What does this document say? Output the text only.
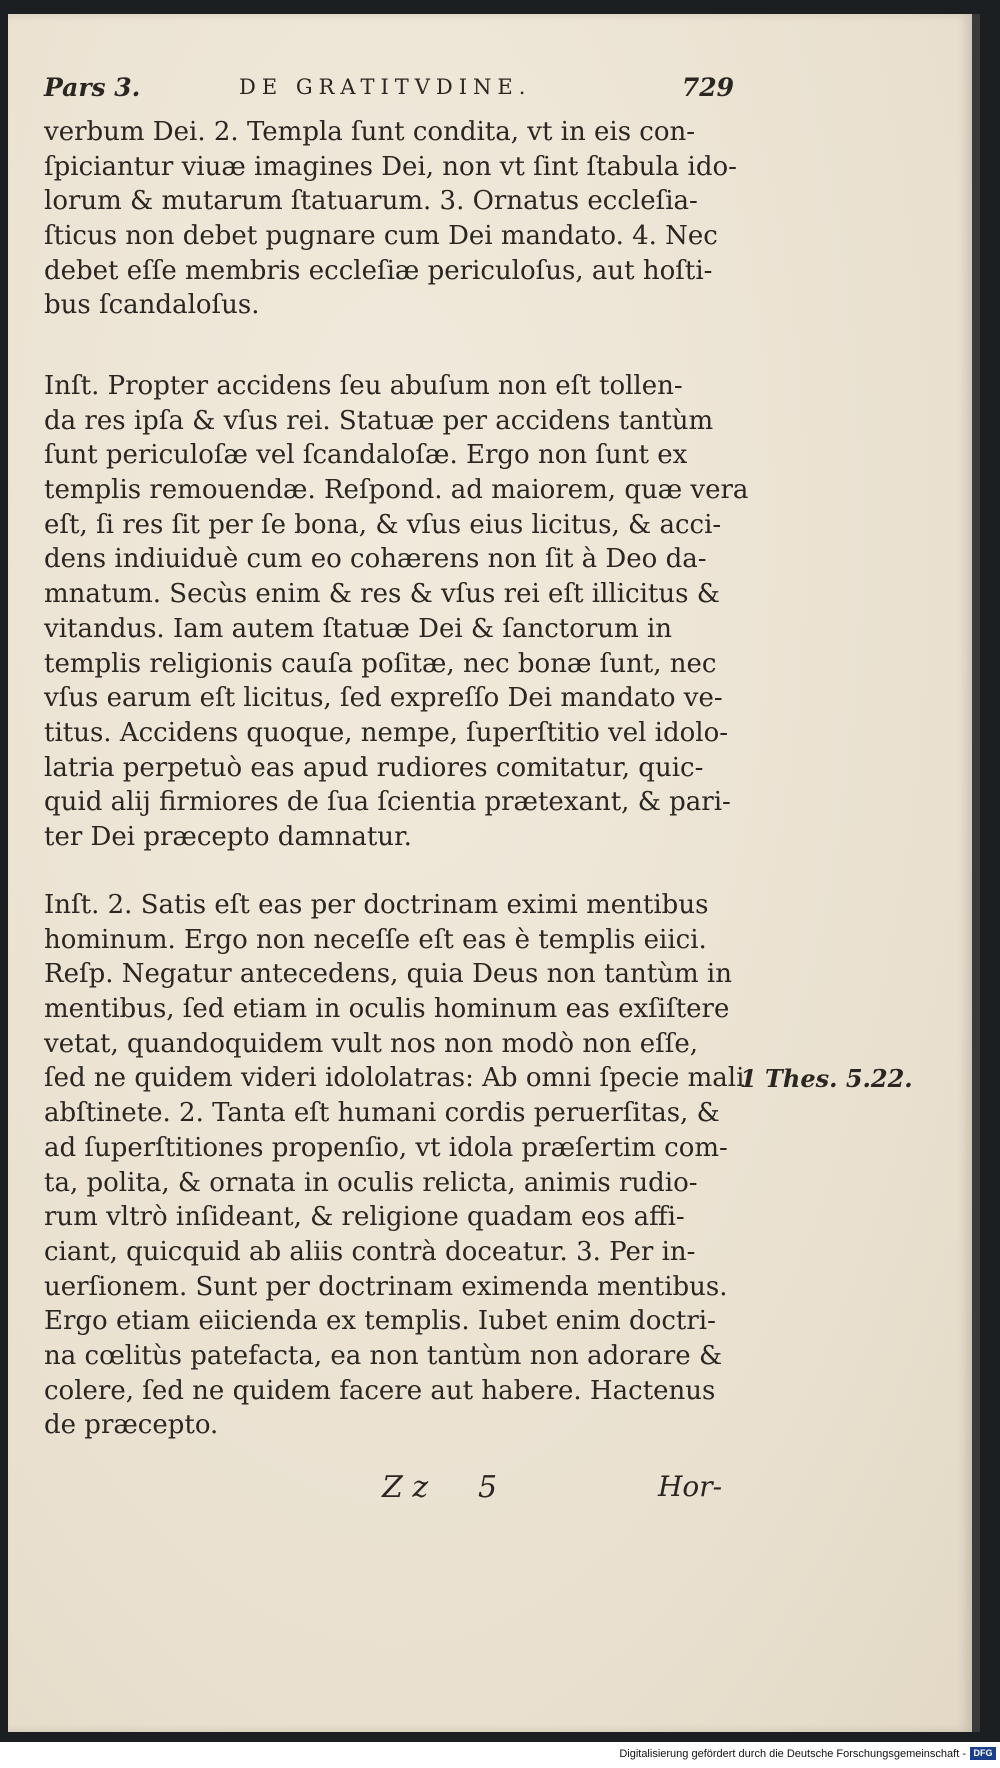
Pars 3.	DE GRATITVDINE.	729
verbum Dei. 2. Templa ſunt condita, vt in eis con-
ſpiciantur viuæ imagines Dei, non vt ſint ſtabula ido-
lorum & mutarum ſtatuarum. 3. Ornatus eccleſia-
ſticus non debet pugnare cum Dei mandato. 4. Nec
debet eſſe membris eccleſiæ periculoſus, aut hoſti-
bus ſcandaloſus.
Inſt. Propter accidens ſeu abuſum non eſt tollen-
da res ipſa & vſus rei. Statuæ per accidens tantùm
ſunt periculoſæ vel ſcandaloſæ. Ergo non ſunt ex
templis remouendæ. Reſpond. ad maiorem, quæ vera
eſt, ſi res ſit per ſe bona, & vſus eius licitus, & acci-
dens indiuiduè cum eo cohærens non ſit à Deo da-
mnatum. Secùs enim & res & vſus rei eſt illicitus &
vitandus. Iam autem ſtatuæ Dei & ſanctorum in
templis religionis cauſa poſitæ, nec bonæ ſunt, nec
vſus earum eſt licitus, ſed expreſſo Dei mandato ve-
titus. Accidens quoque, nempe, ſuperſtitio vel idolo-
latria perpetuò eas apud rudiores comitatur, quic-
quid alij firmiores de ſua ſcientia prætexant, & pari-
ter Dei præcepto damnatur.
Inſt. 2. Satis eſt eas per doctrinam eximi mentibus
hominum. Ergo non neceſſe eſt eas è templis eiici.
Reſp. Negatur antecedens, quia Deus non tantùm in
mentibus, ſed etiam in oculis hominum eas exſiſtere
vetat, quandoquidem vult nos non modò non eſſe,
ſed ne quidem videri idololatras: Ab omni ſpecie mali
abſtinete. 2. Tanta eſt humani cordis peruerſitas, &
ad ſuperſtitiones propenſio, vt idola præſertim com-
ta, polita, & ornata in oculis relicta, animis rudio-
rum vltrò inſideant, & religione quadam eos affi-
ciant, quicquid ab aliis contrà doceatur. 3. Per in-
uerſionem. Sunt per doctrinam eximenda mentibus.
Ergo etiam eiicienda ex templis. Iubet enim doctri-
na cœlitùs patefacta, ea non tantùm non adorare &
colere, ſed ne quidem facere aut habere. Hactenus
de præcepto.
1 Thes. 5.22.
Z z 5	Hor-
Digitalisierung gefördert durch die Deutsche Forschungsgemeinschaft - DFG
